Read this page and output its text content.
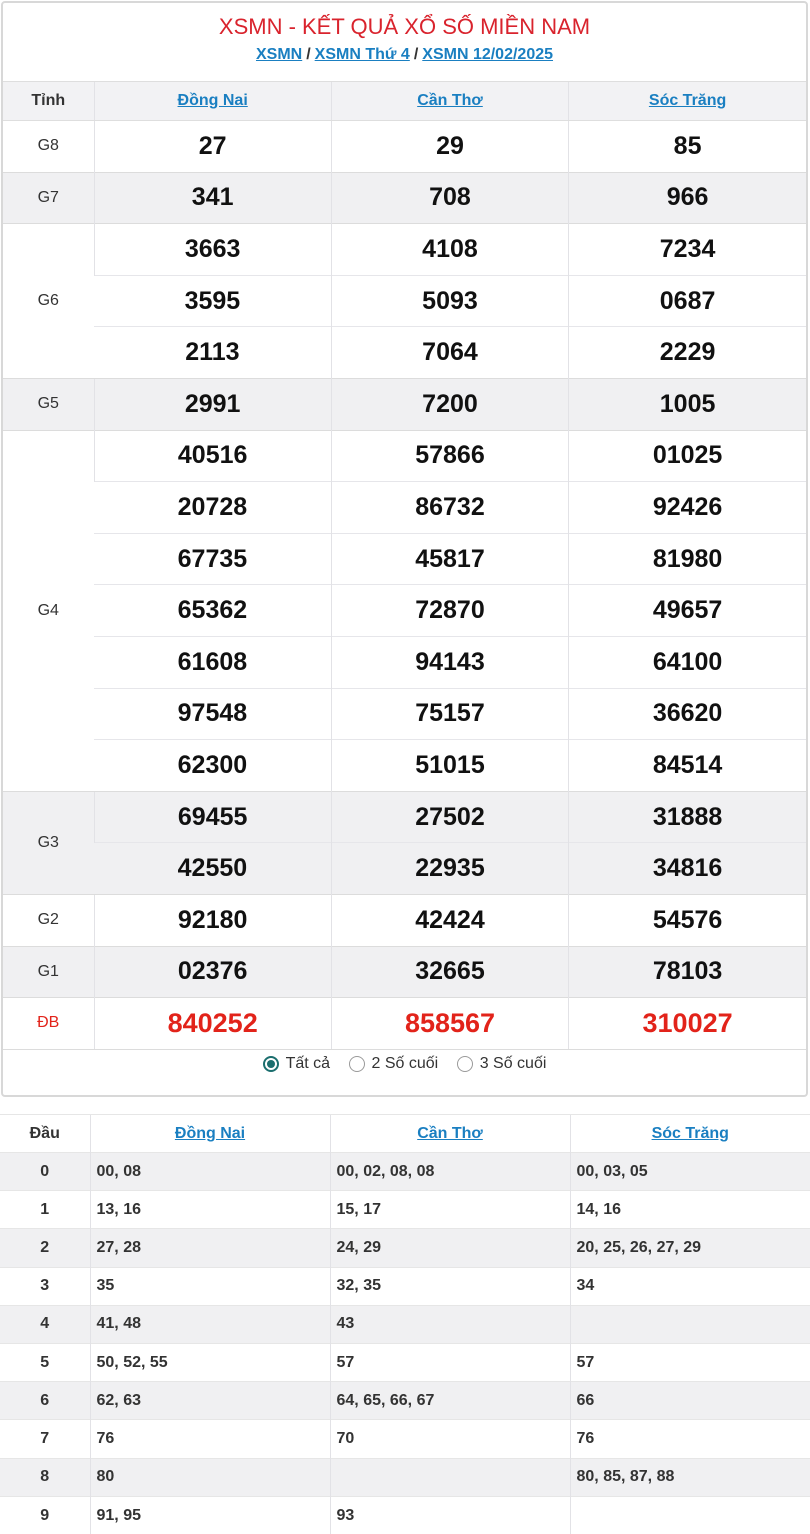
XSMN - KẾT QUẢ XỔ SỐ MIỀN NAM
XSMN / XSMN Thứ 4 / XSMN 12/02/2025
Tỉnh	Đồng Nai	Cần Thơ	Sóc Trăng
G8	27	29	85
G7	341	708	966
G6	3663	4108	7234
	3595	5093	0687
	2113	7064	2229
G5	2991	7200	1005
G4	40516	57866	01025
	20728	86732	92426
	67735	45817	81980
	65362	72870	49657
	61608	94143	64100
	97548	75157	36620
	62300	51015	84514
G3	69455	27502	31888
	42550	22935	34816
G2	92180	42424	54576
G1	02376	32665	78103
ĐB	840252	858567	310027
Tất cả
	2 Số cuối
	3 Số cuối
Đầu	Đồng Nai	Cần Thơ	Sóc Trăng
0	00, 08	00, 02, 08, 08	00, 03, 05
1	13, 16	15, 17	14, 16
2	27, 28	24, 29	20, 25, 26, 27, 29
3	35	32, 35	34
4	41, 48	43	
5	50, 52, 55	57	57
6	62, 63	64, 65, 66, 67	66
7	76	70	76
8	80		80, 85, 87, 88
9	91, 95	93	
